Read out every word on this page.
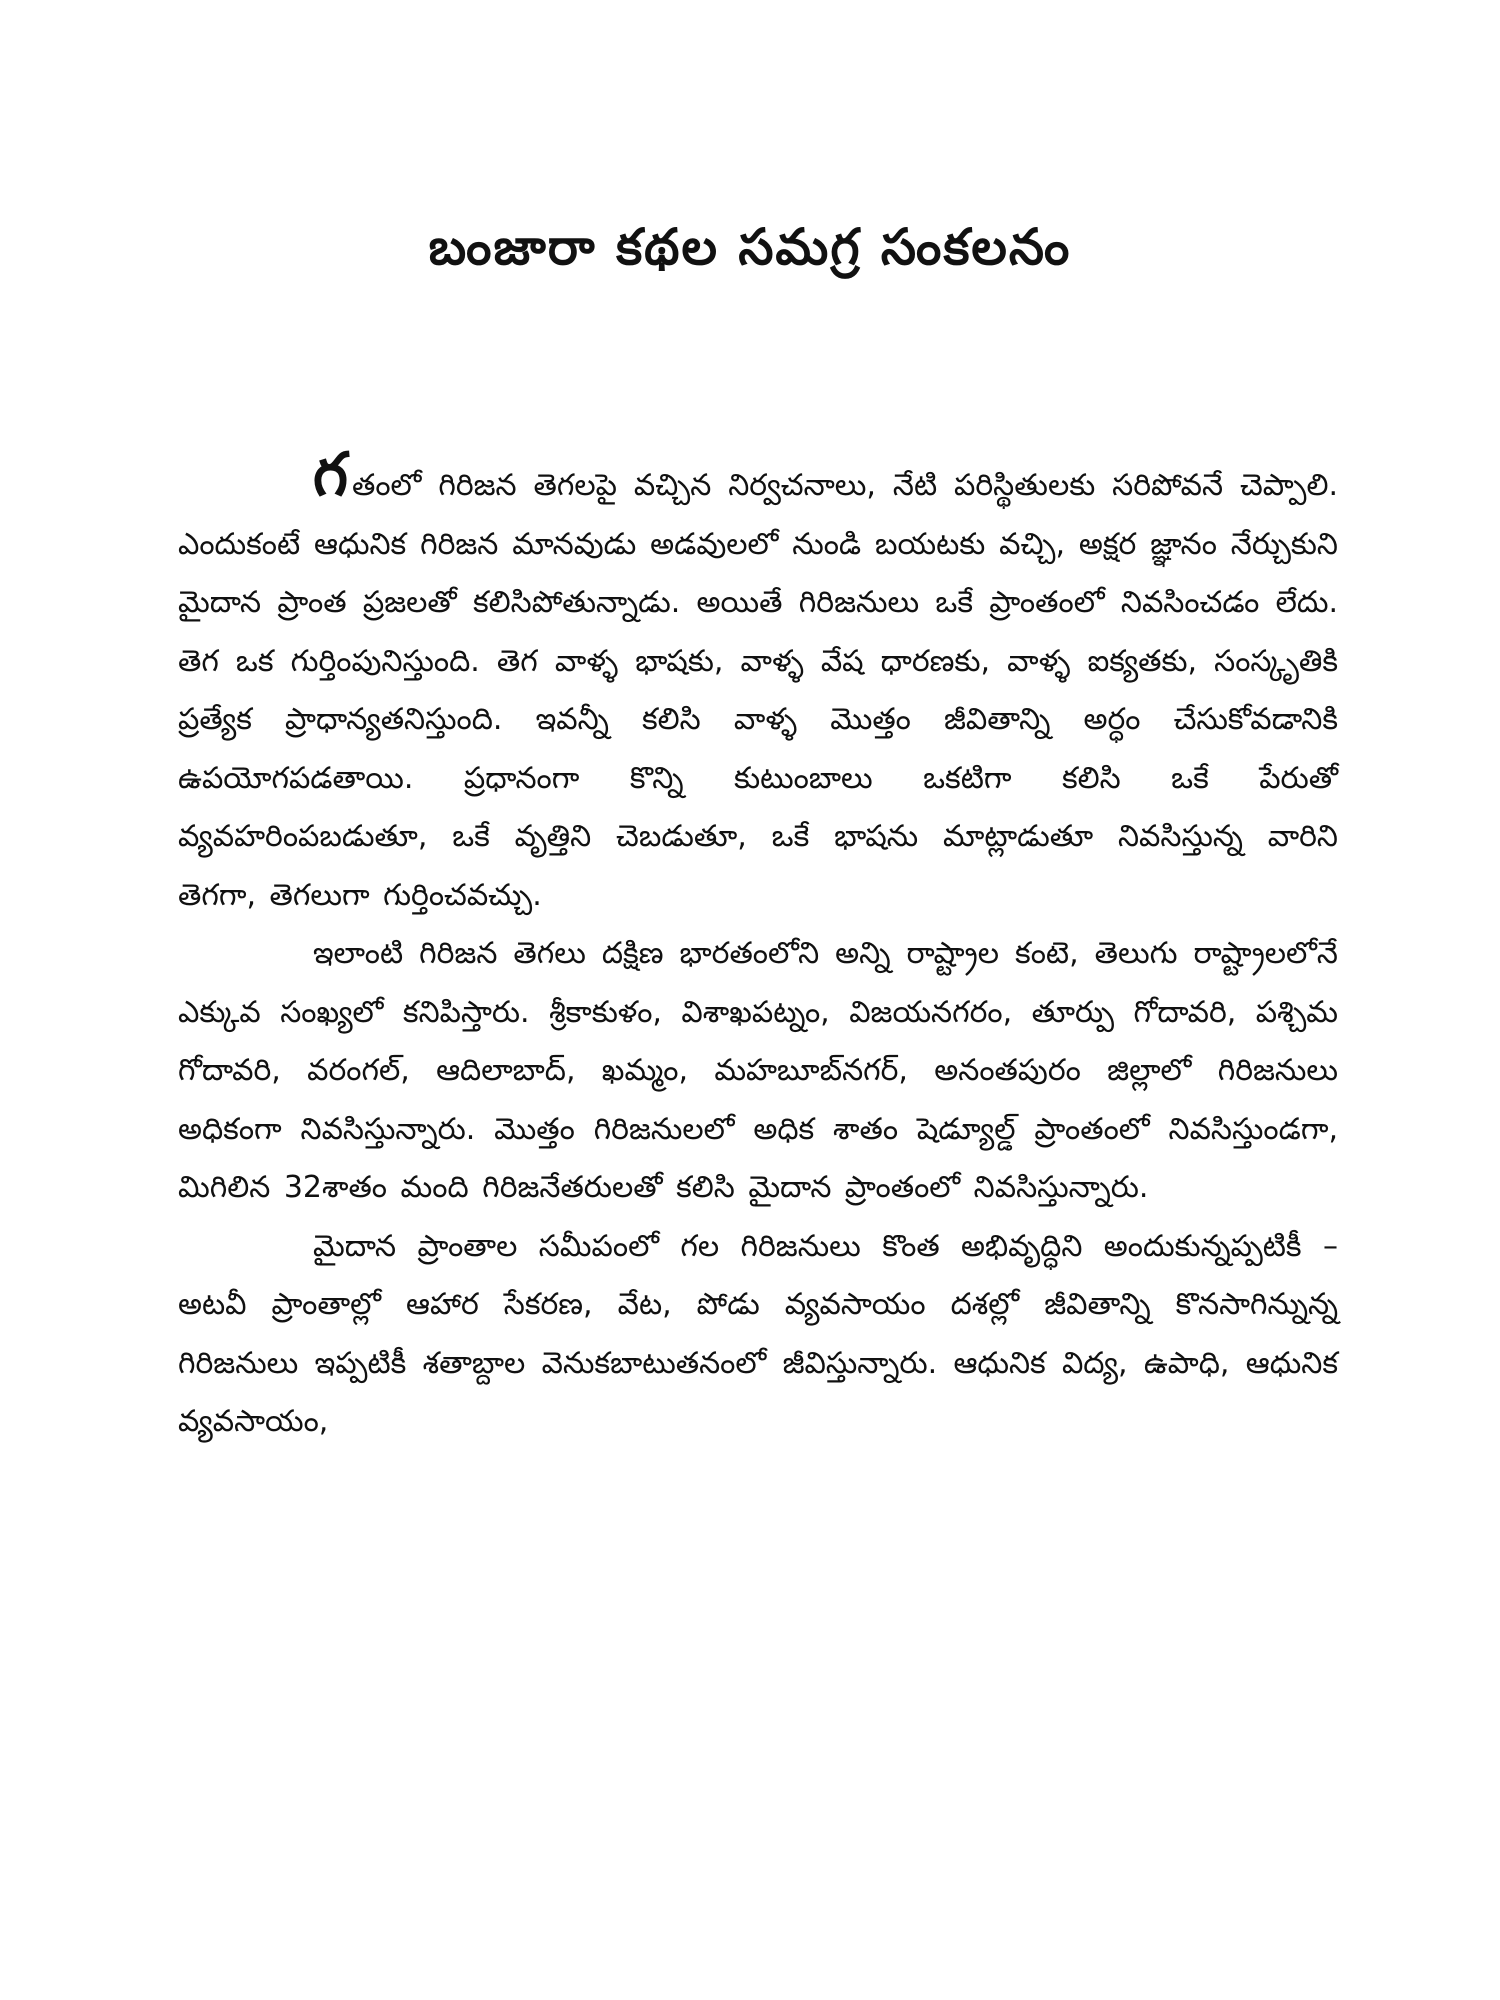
బంజారా కథల సమగ్ర సంకలనం

గతంలో గిరిజన తెగలపై వచ్చిన నిర్వచనాలు, నేటి పరిస్థితులకు సరిపోవనే చెప్పాలి. ఎందుకంటే ఆధునిక గిరిజన మానవుడు అడవులలో నుండి బయటకు వచ్చి, అక్షర జ్ఞానం నేర్చుకుని మైదాన ప్రాంత ప్రజలతో కలిసిపోతున్నాడు. అయితే గిరిజనులు ఒకే ప్రాంతంలో నివసించడం లేదు. తెగ ఒక గుర్తింపునిస్తుంది. తెగ వాళ్ళ భాషకు, వాళ్ళ వేష ధారణకు, వాళ్ళ ఐక్యతకు, సంస్కృతికి ప్రత్యేక ప్రాధాన్యతనిస్తుంది. ఇవన్నీ కలిసి వాళ్ళ మొత్తం జీవితాన్ని అర్ధం చేసుకోవడానికి ఉపయోగపడతాయి. ప్రధానంగా కొన్ని కుటుంబాలు ఒకటిగా కలిసి ఒకే పేరుతో వ్యవహరింపబడుతూ, ఒకే వృత్తిని చెబడుతూ, ఒకే భాషను మాట్లాడుతూ నివసిస్తున్న వారిని తెగగా, తెగలుగా గుర్తించవచ్చు.

ఇలాంటి గిరిజన తెగలు దక్షిణ భారతంలోని అన్ని రాష్ట్రాల కంటె, తెలుగు రాష్ట్రాలలోనే ఎక్కువ సంఖ్యలో కనిపిస్తారు. శ్రీకాకుళం, విశాఖపట్నం, విజయనగరం, తూర్పు గోదావరి, పశ్చిమ గోదావరి, వరంగల్, ఆదిలాబాద్, ఖమ్మం, మహబూబ్‌నగర్, అనంతపురం జిల్లాలో గిరిజనులు అధికంగా నివసిస్తున్నారు. మొత్తం గిరిజనులలో అధిక శాతం షెడ్యూల్డ్ ప్రాంతంలో నివసిస్తుండగా, మిగిలిన 32శాతం మంది గిరిజనేతరులతో కలిసి మైదాన ప్రాంతంలో నివసిస్తున్నారు.

మైదాన ప్రాంతాల సమీపంలో గల గిరిజనులు కొంత అభివృద్ధిని అందుకున్నప్పటికీ – అటవీ ప్రాంతాల్లో ఆహార సేకరణ, వేట, పోడు వ్యవసాయం దశల్లో జీవితాన్ని కొనసాగిన్నున్న గిరిజనులు ఇప్పటికీ శతాబ్దాల వెనుకబాటుతనంలో జీవిస్తున్నారు. ఆధునిక విద్య, ఉపాధి, ఆధునిక వ్యవసాయం,
